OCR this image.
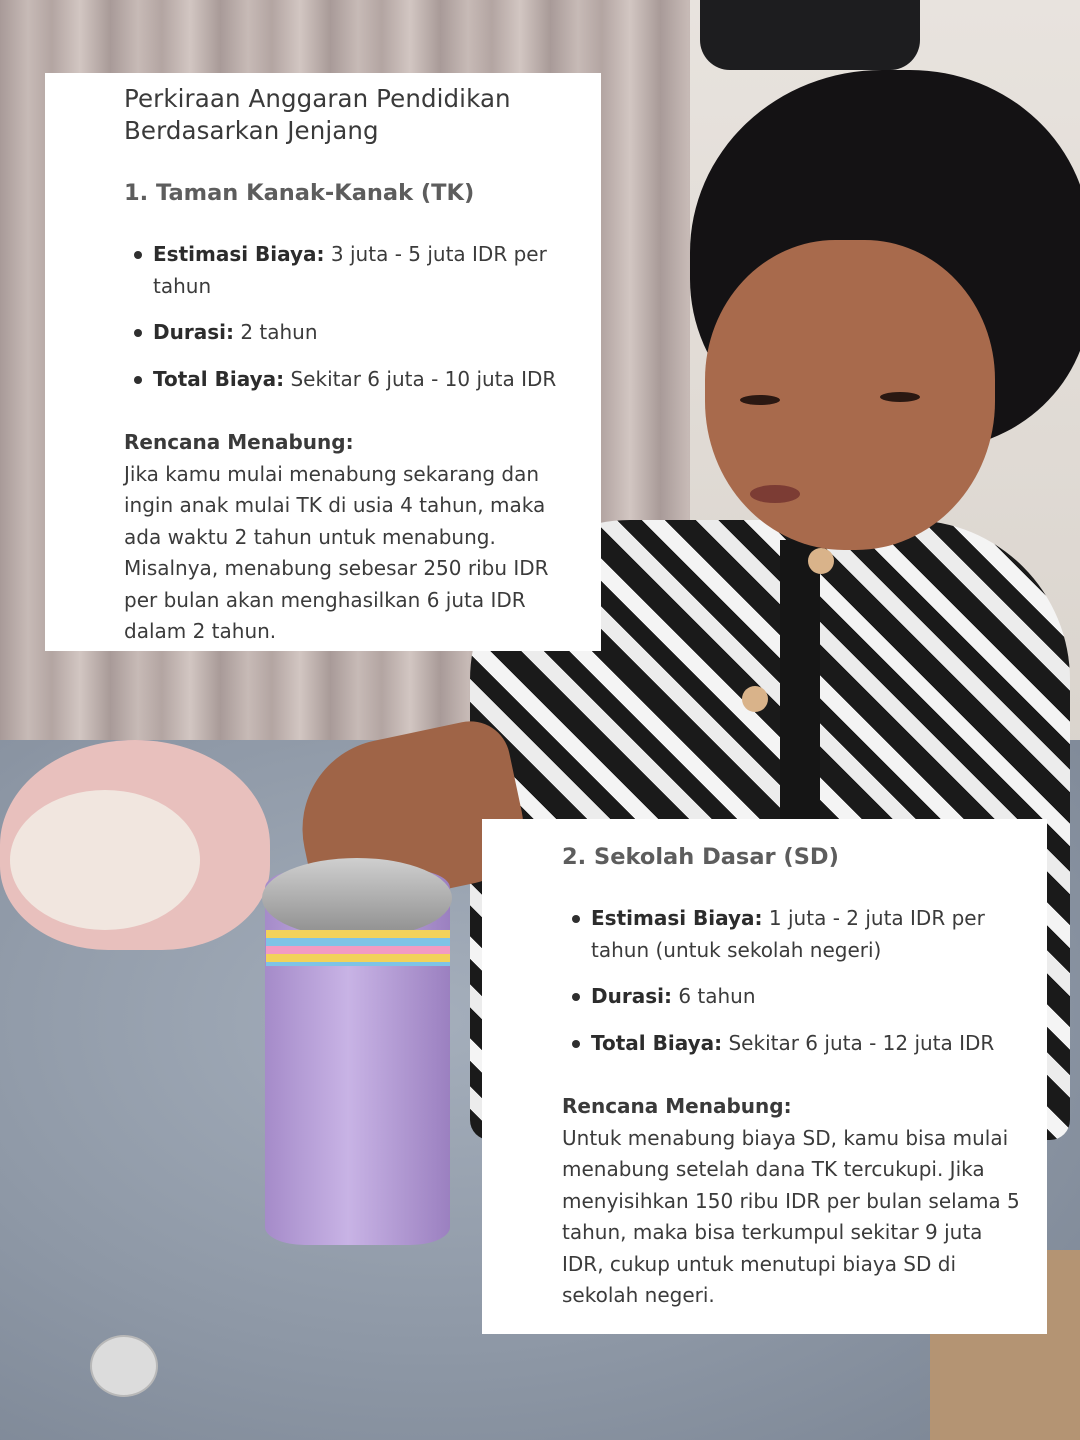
Perkiraan Anggaran Pendidikan Berdasarkan Jenjang
1. Taman Kanak-Kanak (TK)
Estimasi Biaya: 3 juta - 5 juta IDR per tahun
Durasi: 2 tahun
Total Biaya: Sekitar 6 juta - 10 juta IDR

Rencana Menabung:

Jika kamu mulai menabung sekarang dan ingin anak mulai TK di usia 4 tahun, maka ada waktu 2 tahun untuk menabung. Misalnya, menabung sebesar 250 ribu IDR per bulan akan menghasilkan 6 juta IDR dalam 2 tahun.

2. Sekolah Dasar (SD)
Estimasi Biaya: 1 juta - 2 juta IDR per tahun (untuk sekolah negeri)
Durasi: 6 tahun
Total Biaya: Sekitar 6 juta - 12 juta IDR

Rencana Menabung:

Untuk menabung biaya SD, kamu bisa mulai menabung setelah dana TK tercukupi. Jika menyisihkan 150 ribu IDR per bulan selama 5 tahun, maka bisa terkumpul sekitar 9 juta IDR, cukup untuk menutupi biaya SD di sekolah negeri.
